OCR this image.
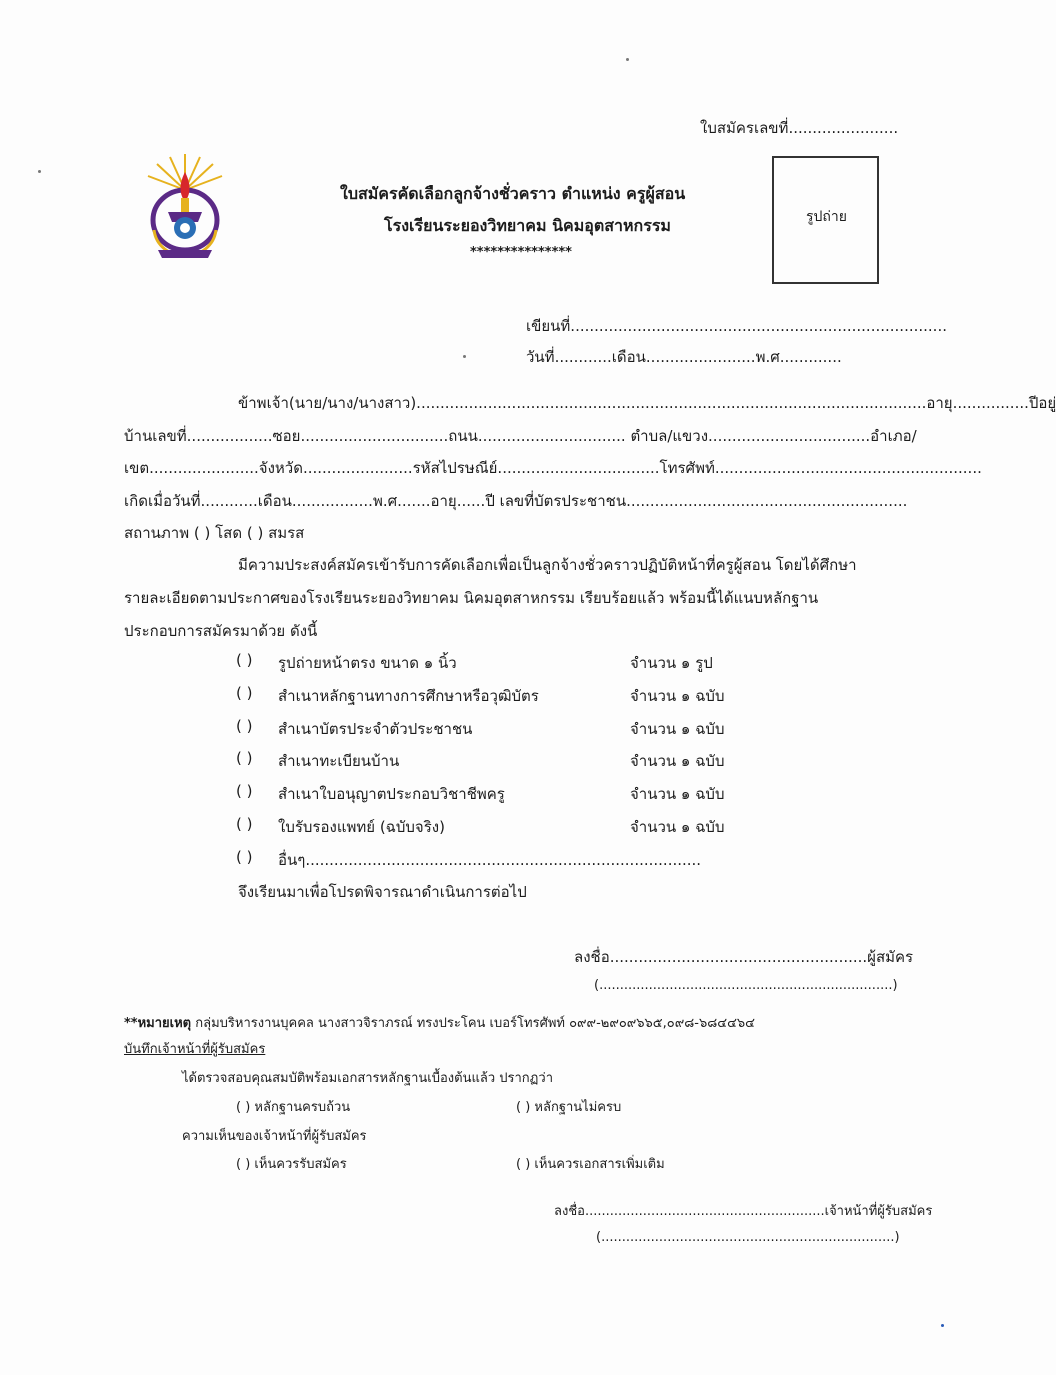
ใบสมัครเลขที่.......................
ใบสมัครคัดเลือกลูกจ้างชั่วคราว ตำแหน่ง ครูผู้สอน
โรงเรียนระยองวิทยาคม นิคมอุตสาหกรรม
***************
รูปถ่าย
เขียนที่...............................................................................
วันที่............เดือน.......................พ.ศ.............
ข้าพเจ้า(นาย/นาง/นางสาว)...........................................................................................................อายุ................ปีอยู่
บ้านเลขที่..................ซอย...............................ถนน............................... ตำบล/แขวง..................................อำเภอ/
เขต.......................จังหวัด.......................รหัสไปรษณีย์..................................โทรศัพท์........................................................
เกิดเมื่อวันที่............เดือน.................พ.ศ.......อายุ......ปี เลขที่บัตรประชาชน...........................................................
สถานภาพ ( ) โสด ( ) สมรส
มีความประสงค์สมัครเข้ารับการคัดเลือกเพื่อเป็นลูกจ้างชั่วคราวปฏิบัติหน้าที่ครูผู้สอน โดยได้ศึกษา
รายละเอียดตามประกาศของโรงเรียนระยองวิทยาคม นิคมอุตสาหกรรม เรียบร้อยแล้ว พร้อมนี้ได้แนบหลักฐาน
ประกอบการสมัครมาด้วย ดังนี้
( ) รูปถ่ายหน้าตรง ขนาด ๑ นิ้ว	จำนวน ๑ รูป
( ) สำเนาหลักฐานทางการศึกษาหรือวุฒิบัตร	จำนวน ๑ ฉบับ
( ) สำเนาบัตรประจำตัวประชาชน	จำนวน ๑ ฉบับ
( ) สำเนาทะเบียนบ้าน	จำนวน ๑ ฉบับ
( ) สำเนาใบอนุญาตประกอบวิชาชีพครู	จำนวน ๑ ฉบับ
( ) ใบรับรองแพทย์ (ฉบับจริง)	จำนวน ๑ ฉบับ
( ) อื่นๆ...................................................................................
จึงเรียนมาเพื่อโปรดพิจารณาดำเนินการต่อไป
ลงชื่อ......................................................ผู้สมัคร
(.......................................................................)
**หมายเหตุ กลุ่มบริหารงานบุคคล นางสาวจิราภรณ์ ทรงประโคน เบอร์โทรศัพท์ ๐๙๙-๒๙๐๙๖๖๕,๐๙๘-๖๘๔๔๖๔
บันทึกเจ้าหน้าที่ผู้รับสมัคร
ได้ตรวจสอบคุณสมบัติพร้อมเอกสารหลักฐานเบื้องต้นแล้ว ปรากฏว่า
( ) หลักฐานครบถ้วน	( ) หลักฐานไม่ครบ
ความเห็นของเจ้าหน้าที่ผู้รับสมัคร
( ) เห็นควรรับสมัคร	( ) เห็นควรเอกสารเพิ่มเติม
ลงชื่อ..........................................................เจ้าหน้าที่ผู้รับสมัคร
(.......................................................................)
